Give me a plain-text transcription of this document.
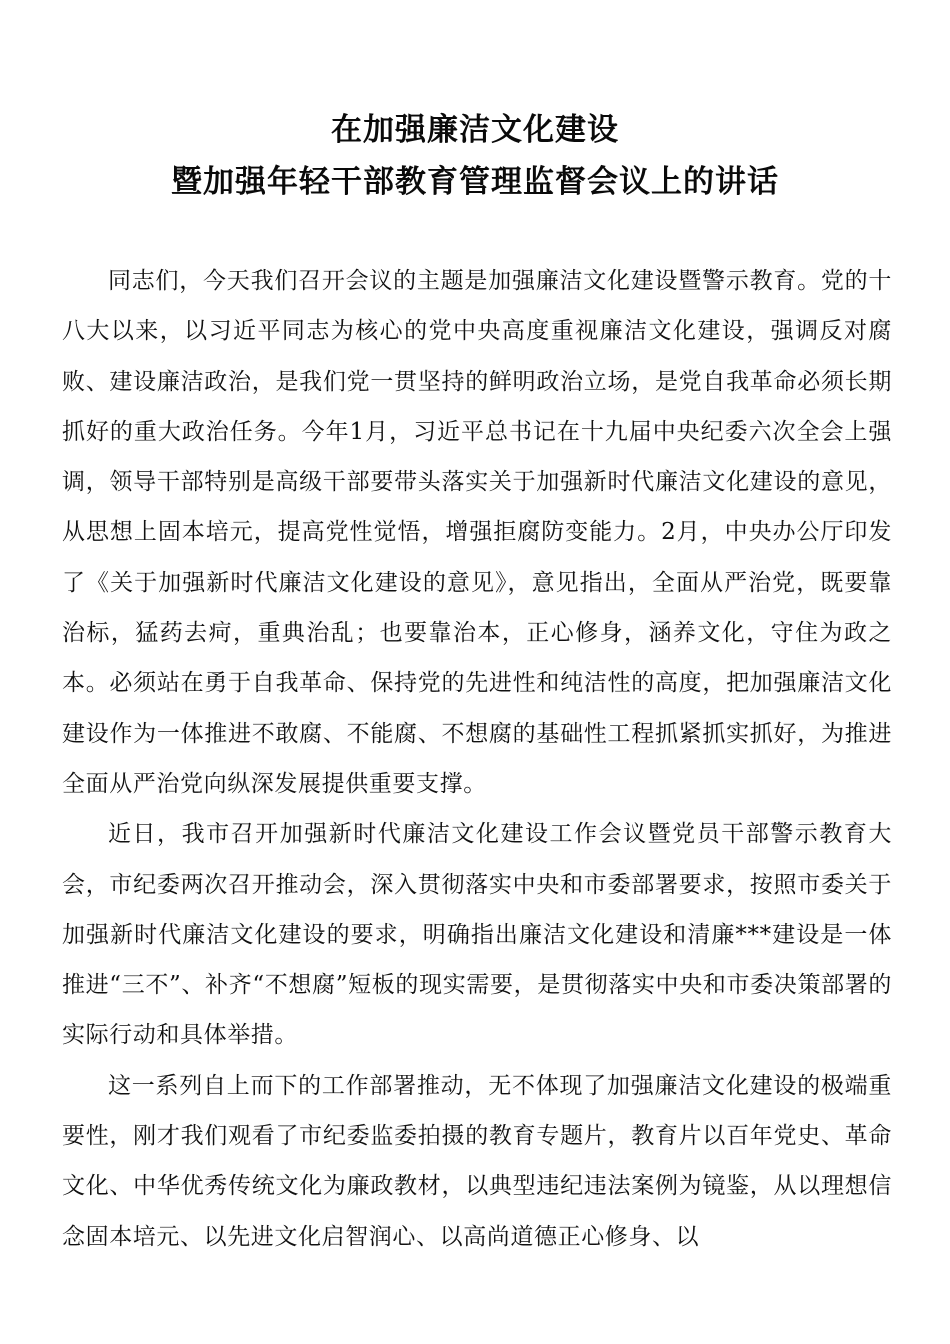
在加强廉洁文化建设
暨加强年轻干部教育管理监督会议上的讲话

同志们，今天我们召开会议的主题是加强廉洁文化建设暨警示教育。党的十八大以来，以习近平同志为核心的党中央高度重视廉洁文化建设，强调反对腐败、建设廉洁政治，是我们党一贯坚持的鲜明政治立场，是党自我革命必须长期抓好的重大政治任务。今年1月，习近平总书记在十九届中央纪委六次全会上强调，领导干部特别是高级干部要带头落实关于加强新时代廉洁文化建设的意见，从思想上固本培元，提高党性觉悟，增强拒腐防变能力。2月，中央办公厅印发了《关于加强新时代廉洁文化建设的意见》，意见指出，全面从严治党，既要靠治标，猛药去疴，重典治乱；也要靠治本，正心修身，涵养文化，守住为政之本。必须站在勇于自我革命、保持党的先进性和纯洁性的高度，把加强廉洁文化建设作为一体推进不敢腐、不能腐、不想腐的基础性工程抓紧抓实抓好，为推进全面从严治党向纵深发展提供重要支撑。

近日，我市召开加强新时代廉洁文化建设工作会议暨党员干部警示教育大会，市纪委两次召开推动会，深入贯彻落实中央和市委部署要求，按照市委关于加强新时代廉洁文化建设的要求，明确指出廉洁文化建设和清廉***建设是一体推进“三不”、补齐“不想腐”短板的现实需要，是贯彻落实中央和市委决策部署的实际行动和具体举措。

这一系列自上而下的工作部署推动，无不体现了加强廉洁文化建设的极端重要性，刚才我们观看了市纪委监委拍摄的教育专题片，教育片以百年党史、革命文化、中华优秀传统文化为廉政教材，以典型违纪违法案例为镜鉴，从以理想信念固本培元、以先进文化启智润心、以高尚道德正心修身、以
